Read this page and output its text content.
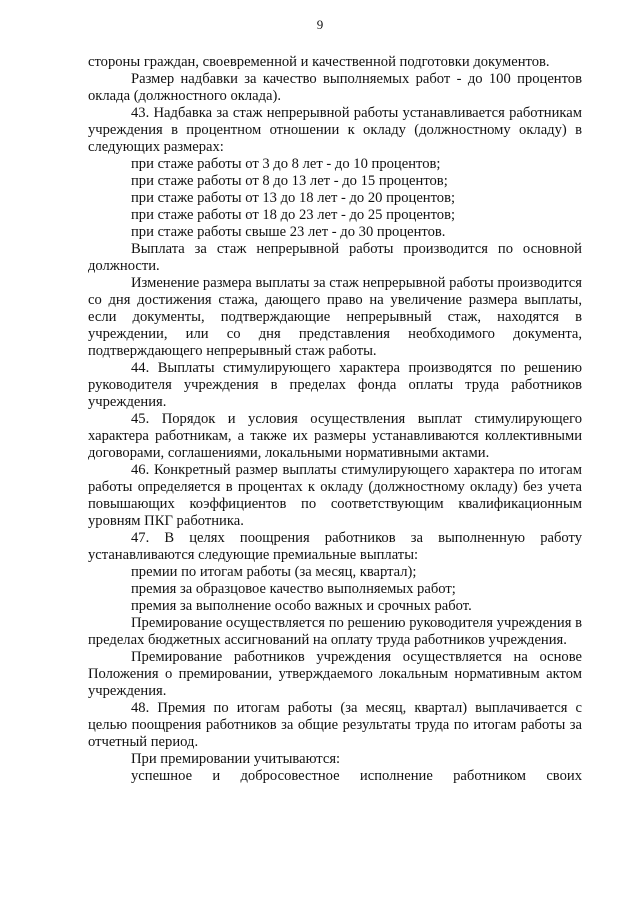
9

стороны граждан, своевременной и качественной подготовки документов.

Размер надбавки за качество выполняемых работ - до 100 процентов оклада (должностного оклада).

43. Надбавка за стаж непрерывной работы устанавливается работникам учреждения в процентном отношении к окладу (должностному окладу) в следующих размерах:

при стаже работы от 3 до 8 лет - до 10 процентов;

при стаже работы от 8 до 13 лет - до 15 процентов;

при стаже работы от 13 до 18 лет - до 20 процентов;

при стаже работы от 18 до 23 лет - до 25 процентов;

при стаже работы свыше 23 лет - до 30 процентов.

Выплата за стаж непрерывной работы производится по основной должности.

Изменение размера выплаты за стаж непрерывной работы производится со дня достижения стажа, дающего право на увеличение размера выплаты, если документы, подтверждающие непрерывный стаж, находятся в учреждении, или со дня представления необходимого документа, подтверждающего непрерывный стаж работы.

44. Выплаты стимулирующего характера производятся по решению руководителя учреждения в пределах фонда оплаты труда работников учреждения.

45. Порядок и условия осуществления выплат стимулирующего характера работникам, а также их размеры устанавливаются коллективными договорами, соглашениями, локальными нормативными актами.

46. Конкретный размер выплаты стимулирующего характера по итогам работы определяется в процентах к окладу (должностному окладу) без учета повышающих коэффициентов по соответствующим квалификационным уровням ПКГ работника.

47. В целях поощрения работников за выполненную работу устанавливаются следующие премиальные выплаты:

премии по итогам работы (за месяц, квартал);

премия за образцовое качество выполняемых работ;

премия за выполнение особо важных и срочных работ.

Премирование осуществляется по решению руководителя учреждения в пределах бюджетных ассигнований на оплату труда работников учреждения.

Премирование работников учреждения осуществляется на основе Положения о премировании, утверждаемого локальным нормативным актом учреждения.

48. Премия по итогам работы (за месяц, квартал) выплачивается с целью поощрения работников за общие результаты труда по итогам работы за отчетный период.

При премировании учитываются:

успешное и добросовестное исполнение работником своих
